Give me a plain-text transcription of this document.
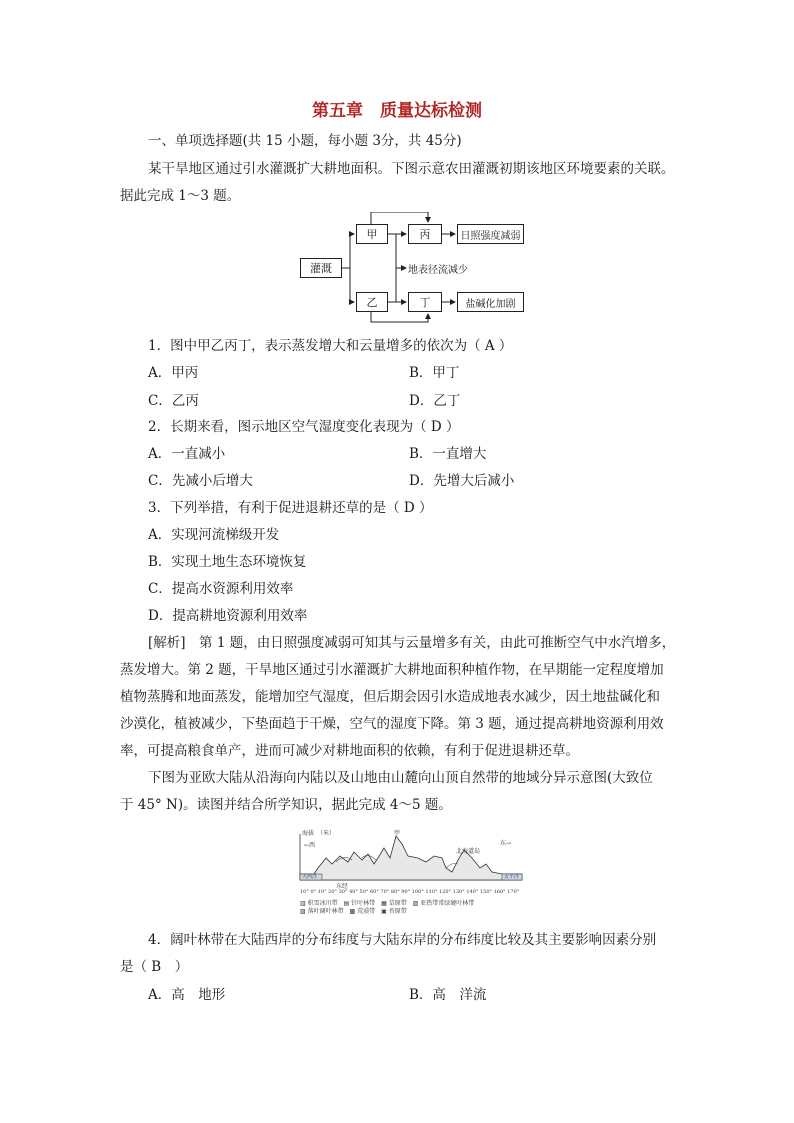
第五章　质量达标检测
一、单项选择题(共 15 小题，每小题 3分，共 45分)
某干旱地区通过引水灌溉扩大耕地面积。下图示意农田灌溉初期该地区环境要素的关联。
据此完成 1～3 题。
灌溉
甲
乙
丙
丁
日照强度减弱
地表径流减少
盐碱化加剧
1．图中甲乙丙丁，表示蒸发增大和云量增多的依次为（ A ）
A．甲丙	B．甲丁
C．乙丙	D．乙丁
2．长期来看，图示地区空气湿度变化表现为（ D ）
A．一直减小	B．一直增大
C．先减小后增大	D．先增大后减小
3．下列举措，有利于促进退耕还草的是（ D ）
A．实现河流梯级开发
B．实现土地生态环境恢复
C．提高水资源利用效率
D．提高耕地资源利用效率
[解析]　第 1 题，由日照强度减弱可知其与云量增多有关，由此可推断空气中水汽增多，
蒸发增大。第 2 题，干旱地区通过引水灌溉扩大耕地面积种植作物，在早期能一定程度增加
植物蒸腾和地面蒸发，能增加空气湿度，但后期会因引水造成地表水减少，因土地盐碱化和
沙漠化，植被减少，下垫面趋于干燥，空气的湿度下降。第 3 题，通过提高耕地资源利用效
率，可提高粮食单产，进而可减少对耕地面积的依赖，有利于促进退耕还草。
下图为亚欧大陆从沿海向内陆以及山地由山麓向山顶自然带的地域分异示意图(大致位
于 45° N)。读图并结合所学知识，据此完成 4～5 题。
海拔　（米）
←西	东→
甲
北海道岛
大西洋	太平洋
东经
10° 0° 10° 20° 30° 40° 50° 60° 70° 80° 90° 100° 110° 120° 130° 140° 150° 160° 170°
▥ 积雪冰川带　▤ 针叶林带　▦ 草原带　▧ 亚热带常绿硬叶林带
▨ 落叶阔叶林带　▩ 荒漠带　▣ 苔原带
4．阔叶林带在大陆西岸的分布纬度与大陆东岸的分布纬度比较及其主要影响因素分别
是（ B　）
A．高　地形	B．高　洋流
